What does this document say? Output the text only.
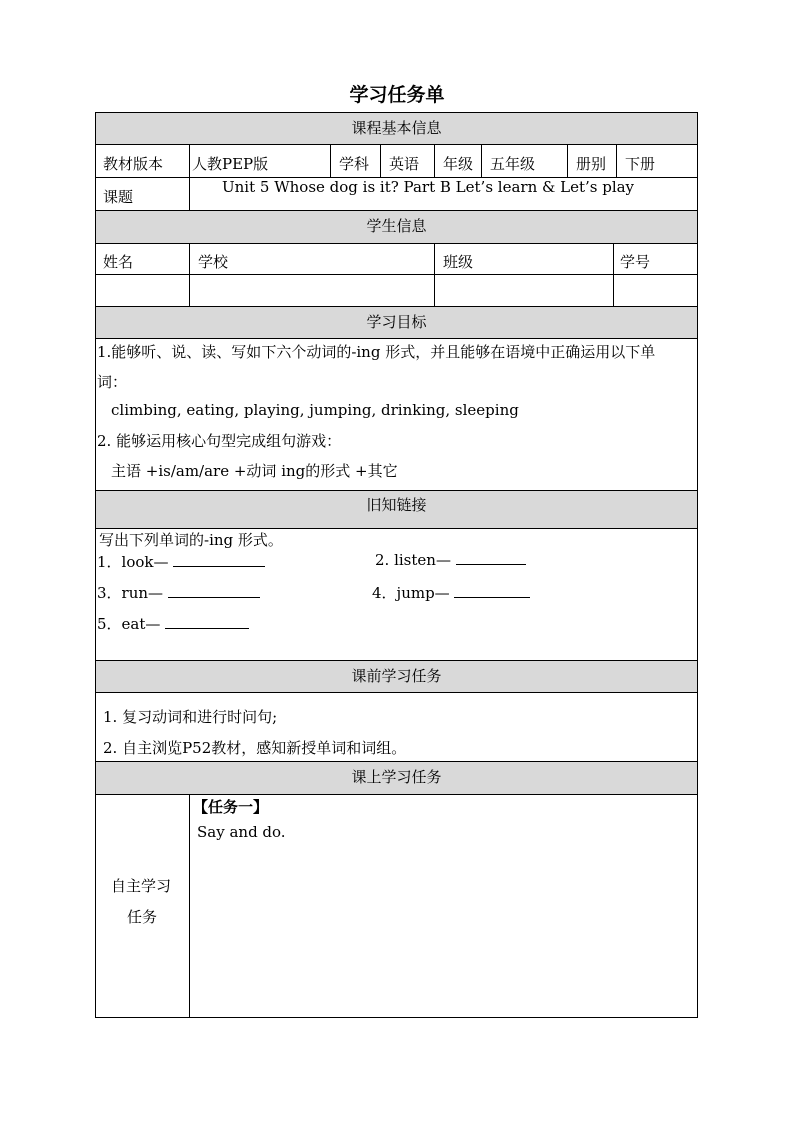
学习任务单
课程基本信息
学生信息
学习目标
旧知链接
课前学习任务
课上学习任务
教材版本 人教PEP版	学科 英语 年级 五年级	册别 下册
课题
Unit 5 Whose dog is it? Part B Let’s learn & Let’s play
姓名	学校	班级	学号
1.能够听、说、读、写如下六个动词的-ing 形式，并且能够在语境中正确运用以下单
词：
climbing, eating, playing, jumping, drinking, sleeping
2. 能够运用核心句型完成组句游戏：
主语 +is/am/are +动词 ing的形式 +其它
写出下列单词的-ing 形式。
1．look—	2. listen—
3．run—	4．jump—
5．eat—
1. 复习动词和进行时问句;
2. 自主浏览P52教材，感知新授单词和词组。
自主学习
任务
【任务一】
Say and do.
